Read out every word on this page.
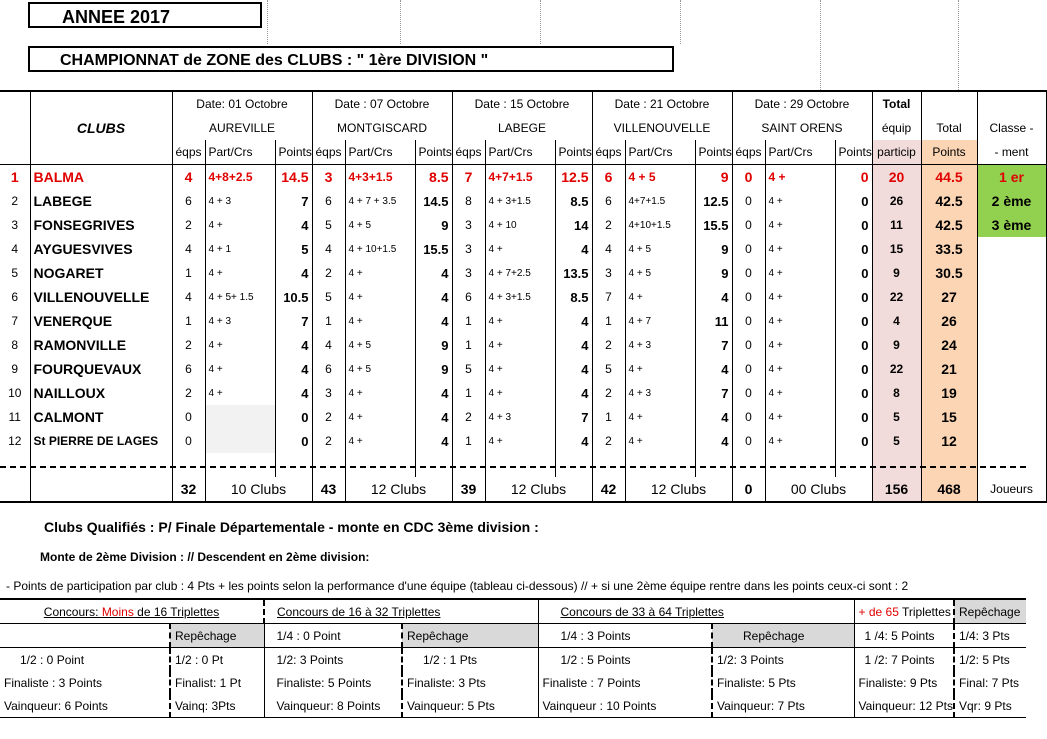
ANNEE 2017
CHAMPIONNAT de ZONE des CLUBS : " 1ère DIVISION "
		Date: 01 Octobre			Date : 07 Octobre			Date : 15 Octobre			Date : 21 Octobre			Date : 29 Octobre			Total		
	CLUBS	AUREVILLE			MONTGISCARD			LABEGE			VILLENOUVELLE			SAINT ORENS			équip	Total	Classe -
		éqps	Part/Crs	Points	éqps	Part/Crs	Points	éqps	Part/Crs	Points	éqps	Part/Crs	Points	éqps	Part/Crs	Points	particip	Points	- ment
1	BALMA	4	4+8+2.5	14.5	3	4+3+1.5	8.5	7	4+7+1.5	12.5	6	4 + 5	9	0	4 +	0	20	44.5	1 er
2	LABEGE	6	4 + 3	7	6	4 + 7 + 3.5	14.5	8	4 + 3+1.5	8.5	6	4+7+1.5	12.5	0	4 +	0	26	42.5	2 ème
3	FONSEGRIVES	2	4 +	4	5	4 + 5	9	3	4 + 10	14	2	4+10+1.5	15.5	0	4 +	0	11	42.5	3 ème
4	AYGUESVIVES	4	4 + 1	5	4	4 + 10+1.5	15.5	3	4 +	4	4	4 + 5	9	0	4 +	0	15	33.5	
5	NOGARET	1	4 +	4	2	4 +	4	3	4 + 7+2.5	13.5	3	4 + 5	9	0	4 +	0	9	30.5	
6	VILLENOUVELLE	4	4 + 5+ 1.5	10.5	5	4 +	4	6	4 + 3+1.5	8.5	7	4 +	4	0	4 +	0	22	27	
7	VENERQUE	1	4 + 3	7	1	4 +	4	1	4 +	4	1	4 + 7	11	0	4 +	0	4	26	
8	RAMONVILLE	2	4 +	4	4	4 + 5	9	1	4 +	4	2	4 + 3	7	0	4 +	0	9	24	
9	FOURQUEVAUX	6	4 +	4	6	4 + 5	9	5	4 +	4	5	4 +	4	0	4 +	0	22	21	
10	NAILLOUX	2	4 +	4	3	4 +	4	1	4 +	4	2	4 + 3	7	0	4 +	0	8	19	
11	CALMONT	0		0	2	4 +	4	2	4 + 3	7	1	4 +	4	0	4 +	0	5	15	
12	St PIERRE DE LAGES	0		0	2	4 +	4	1	4 +	4	2	4 +	4	0	4 +	0	5	12	

		32	10 Clubs		43	12 Clubs		39	12 Clubs		42	12 Clubs		0	00 Clubs		156	468	Joueurs
Clubs Qualifiés : P/ Finale Départementale - monte en CDC 3ème division :
Monte de 2ème Division : // Descendent en 2ème division:
- Points de participation par club : 4 Pts + les points selon la performance d'une équipe (tableau ci-dessous) // + si une 2ème équipe rentre dans les points ceux-ci sont : 2
Concours: Moins de 16 Triplettes		Concours de 16 à 32 Triplettes		Concours de 33 à 64 Triplettes		+ de 65 Triplettes	Repêchage
	Repêchage	1/4 : 0 Point	Repêchage	1/4 : 3 Points	Repêchage	1 /4: 5 Points	1/4: 3 Pts
1/2 : 0 Point	1/2 : 0 Pt	1/2: 3 Points	1/2 : 1 Pts	1/2 : 5 Points	1/2: 3 Points	1 /2: 7 Points	1/2: 5 Pts
Finaliste : 3 Points	Finalist: 1 Pt	Finaliste: 5 Points	Finaliste: 3 Pts	Finaliste : 7 Points	Finaliste: 5 Pts	Finaliste: 9 Pts	Final: 7 Pts
Vainqueur: 6 Points	Vainq: 3Pts	Vainqueur: 8 Points	Vainqueur: 5 Pts	Vainqueur : 10 Points	Vainqueur: 7 Pts	Vainqueur: 12 Pts	Vqr: 9 Pts
